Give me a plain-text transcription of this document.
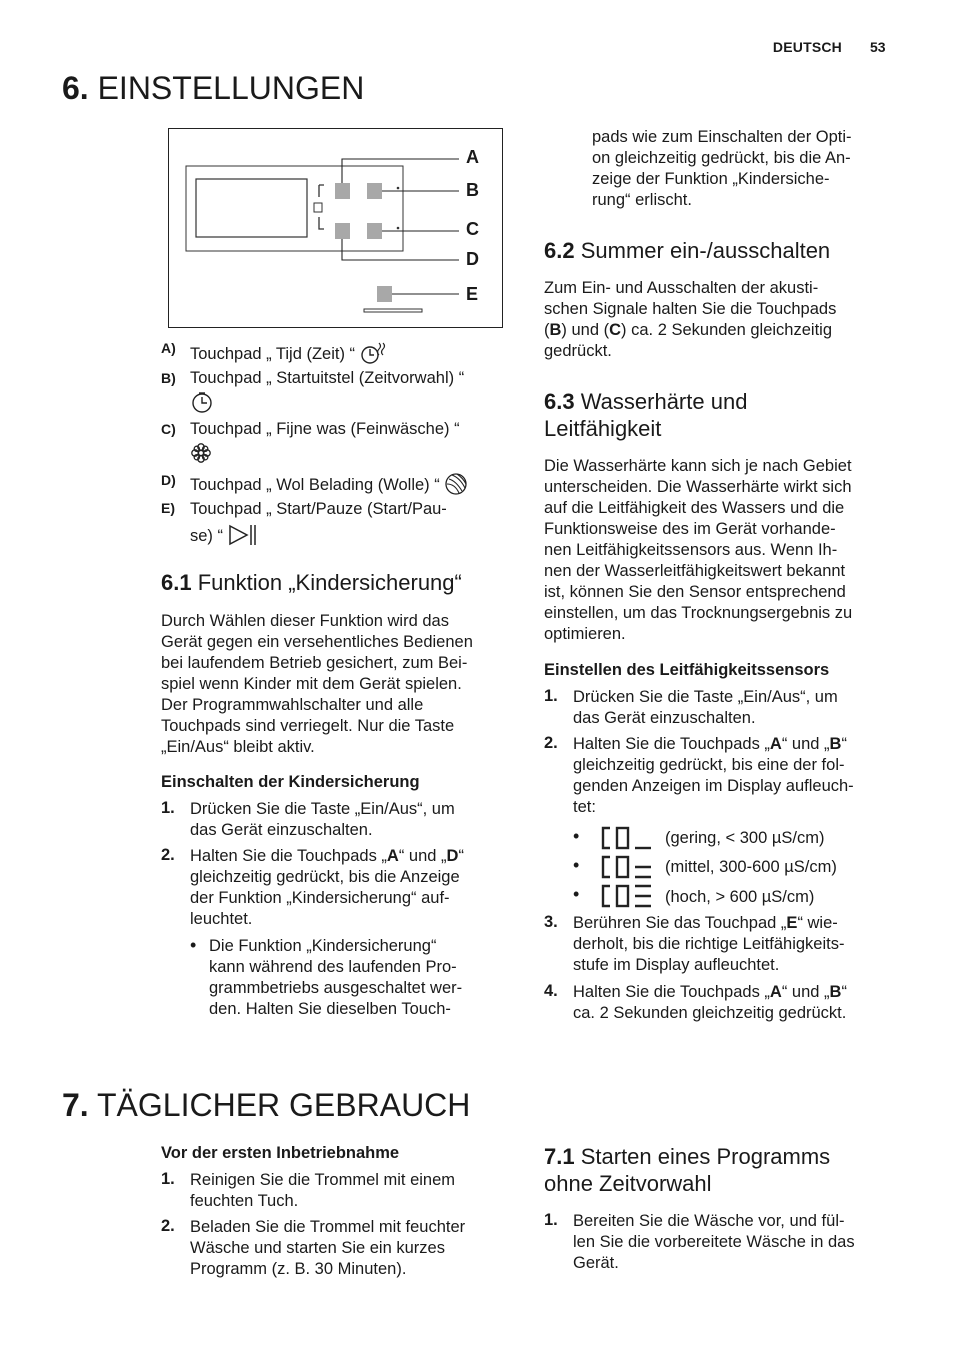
DEUTSCH 53
6. EINSTELLUNGEN
A
B
C
D
E
A) Touchpad „ Tijd (Zeit) “
B) Touchpad „ Startuitstel (Zeitvorwahl) “
C) Touchpad „ Fijne was (Feinwäsche) “
D) Touchpad „ Wol Belading (Wolle) “
E) Touchpad „ Start/Pauze (Start/Pau-
se) “
6.1 Funktion „Kindersicherung“
Durch Wählen dieser Funktion wird das
Gerät gegen ein versehentliches Bedienen
bei laufendem Betrieb gesichert, zum Bei-
spiel wenn Kinder mit dem Gerät spielen.
Der Programmwahlschalter und alle
Touchpads sind verriegelt. Nur die Taste
„Ein/Aus“ bleibt aktiv.
Einschalten der Kindersicherung
1. Drücken Sie die Taste „Ein/Aus“, um
das Gerät einzuschalten.
2. Halten Sie die Touchpads „A“ und „D“
gleichzeitig gedrückt, bis die Anzeige
der Funktion „Kindersicherung“ auf-
leuchtet.
• Die Funktion „Kindersicherung“
kann während des laufenden Pro-
grammbetriebs ausgeschaltet wer-
den. Halten Sie dieselben Touch-
pads wie zum Einschalten der Opti-
on gleichzeitig gedrückt, bis die An-
zeige der Funktion „Kindersiche-
rung“ erlischt.
6.2 Summer ein-/ausschalten
Zum Ein- und Ausschalten der akusti-
schen Signale halten Sie die Touchpads
(B) und (C) ca. 2 Sekunden gleichzeitig
gedrückt.
6.3 Wasserhärte und
Leitfähigkeit
Die Wasserhärte kann sich je nach Gebiet
unterscheiden. Die Wasserhärte wirkt sich
auf die Leitfähigkeit des Wassers und die
Funktionsweise des im Gerät vorhande-
nen Leitfähigkeitssensors aus. Wenn Ih-
nen der Wasserleitfähigkeitswert bekannt
ist, können Sie den Sensor entsprechend
einstellen, um das Trocknungsergebnis zu
optimieren.
Einstellen des Leitfähigkeitssensors
1. Drücken Sie die Taste „Ein/Aus“, um
das Gerät einzuschalten.
2. Halten Sie die Touchpads „A“ und „B“
gleichzeitig gedrückt, bis eine der fol-
genden Anzeigen im Display aufleuch-
tet:
•	(gering, < 300 µS/cm)
•	(mittel, 300-600 µS/cm)
•	(hoch, > 600 µS/cm)
3. Berühren Sie das Touchpad „E“ wie-
derholt, bis die richtige Leitfähigkeits-
stufe im Display aufleuchtet.
4. Halten Sie die Touchpads „A“ und „B“
ca. 2 Sekunden gleichzeitig gedrückt.
7. TÄGLICHER GEBRAUCH
Vor der ersten Inbetriebnahme
1. Reinigen Sie die Trommel mit einem
feuchten Tuch.
2. Beladen Sie die Trommel mit feuchter
Wäsche und starten Sie ein kurzes
Programm (z. B. 30 Minuten).
7.1 Starten eines Programms
ohne Zeitvorwahl
1. Bereiten Sie die Wäsche vor, und fül-
len Sie die vorbereitete Wäsche in das
Gerät.
